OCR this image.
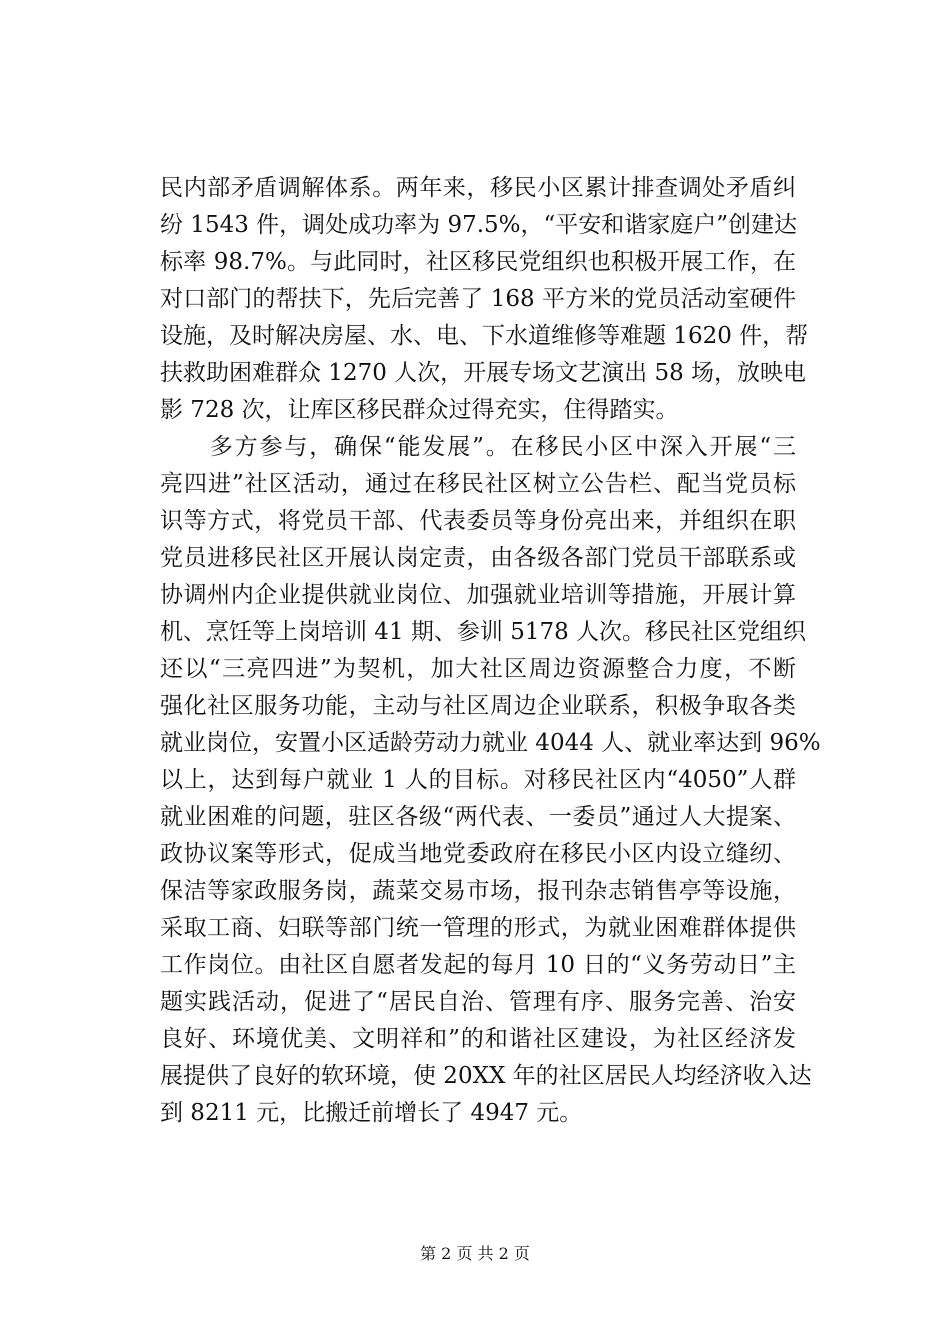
民内部矛盾调解体系。两年来，移民小区累计排查调处矛盾纠
纷 1543 件，调处成功率为 97.5%，“平安和谐家庭户”创建达
标率 98.7%。与此同时，社区移民党组织也积极开展工作，在
对口部门的帮扶下，先后完善了 168 平方米的党员活动室硬件
设施，及时解决房屋、水、电、下水道维修等难题 1620 件，帮
扶救助困难群众 1270 人次，开展专场文艺演出 58 场，放映电
影 728 次，让库区移民群众过得充实，住得踏实。
　　多方参与，确保“能发展”。在移民小区中深入开展“三
亮四进”社区活动，通过在移民社区树立公告栏、配当党员标
识等方式，将党员干部、代表委员等身份亮出来，并组织在职
党员进移民社区开展认岗定责，由各级各部门党员干部联系或
协调州内企业提供就业岗位、加强就业培训等措施，开展计算
机、烹饪等上岗培训 41 期、参训 5178 人次。移民社区党组织
还以“三亮四进”为契机，加大社区周边资源整合力度，不断
强化社区服务功能，主动与社区周边企业联系，积极争取各类
就业岗位，安置小区适龄劳动力就业 4044 人、就业率达到 96%
以上，达到每户就业 1 人的目标。对移民社区内“4050”人群
就业困难的问题，驻区各级“两代表、一委员”通过人大提案、
政协议案等形式，促成当地党委政府在移民小区内设立缝纫、
保洁等家政服务岗，蔬菜交易市场，报刊杂志销售亭等设施，
采取工商、妇联等部门统一管理的形式，为就业困难群体提供
工作岗位。由社区自愿者发起的每月 10 日的“义务劳动日”主
题实践活动，促进了“居民自治、管理有序、服务完善、治安
良好、环境优美、文明祥和”的和谐社区建设，为社区经济发
展提供了良好的软环境，使 20XX 年的社区居民人均经济收入达
到 8211 元，比搬迁前增长了 4947 元。
第 2 页 共 2 页
